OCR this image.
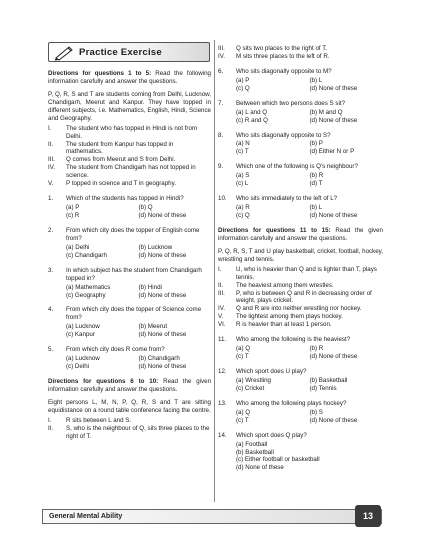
Practice Exercise

Directions for questions 1 to 5: Read the following information carefully and answer the questions.

P, Q, R, S and T are students coming from Delhi, Lucknow, Chandigarh, Meerut and Kanpur. They have topped in different subjects, i.e. Mathematics, English, Hindi, Science and Geography.

I.	The student who has topped in Hindi is not from Delhi.
II.	The student from Kanpur has topped in mathematics.
III.	Q comes from Meerut and S from Delhi.
IV.	The student from Chandigarh has not topped in science.
V.	P topped in science and T in geography.
1.	Which of the students has topped in Hindi?
(a) P	(b) Q
(c) R	(d) None of these
2.	From which city does the topper of English come from?
(a) Delhi	(b) Lucknow
(c) Chandigarh	(d) None of these
3.	In which subject has the student from Chandigarh topped in?
(a) Mathematics	(b) Hindi
(c) Geography	(d) None of these
4.	From which city does the topper of Science come from?
(a) Lucknow	(b) Meerut
(c) Kanpur	(d) None of these
5.	From which city does R come from?
(a) Lucknow	(b) Chandigarh
(c) Delhi	(d) None of these

Directions for questions 6 to 10: Read the given information carefully and answer the questions.

Eight persons L, M, N, P, Q, R, S and T are sitting equidistance on a round table conference facing the centre.

I.	R sits between L and S.
II.	S, who is the neighbour of Q, sits three places to the right of T.
III.	Q sits two places to the right of T.
IV.	M sits three places to the left of R.
6.	Who sits diagonally opposite to M?
(a) P	(b) L
(c) Q	(d) None of these
7.	Between which two persons does S sit?
(a) L and Q	(b) M and Q
(c) R and Q	(d) None of these
8.	Who sits diagonally opposite to S?
(a) N	(b) P
(c) T	(d) Either N or P
9.	Which one of the following is Q's neighbour?
(a) S	(b) R
(c) L	(d) T
10.	Who sits immediately to the left of L?
(a) R	(b) L
(c) Q	(d) None of these

Directions for questions 11 to 15: Read the given information carefully and answer the questions.

P, Q, R, S, T and U play basketball, cricket, football, hockey, wrestling and tennis.

I.	U, who is heavier than Q and is lighter than T, plays tennis.
II.	The heaviest among them wrestles.
III.	P, who is between Q and R in decreasing order of weight, plays cricket.
IV.	Q and R are into neither wrestling nor hockey.
V.	The lightest among them plays hockey.
VI.	R is heavier than at least 1 person.
11.	Who among the following is the heaviest?
(a) Q	(b) R
(c) T	(d) None of these
12.	Which sport does U play?
(a) Wrestling	(b) Basketball
(c) Cricket	(d) Tennis
13.	Who among the following plays hockey?
(a) Q	(b) S
(c) T	(d) None of these
14.	Which sport does Q play?
(a) Football
(b) Basketball
(c) Either football or basketball
(d) None of these
General Mental Ability	13
